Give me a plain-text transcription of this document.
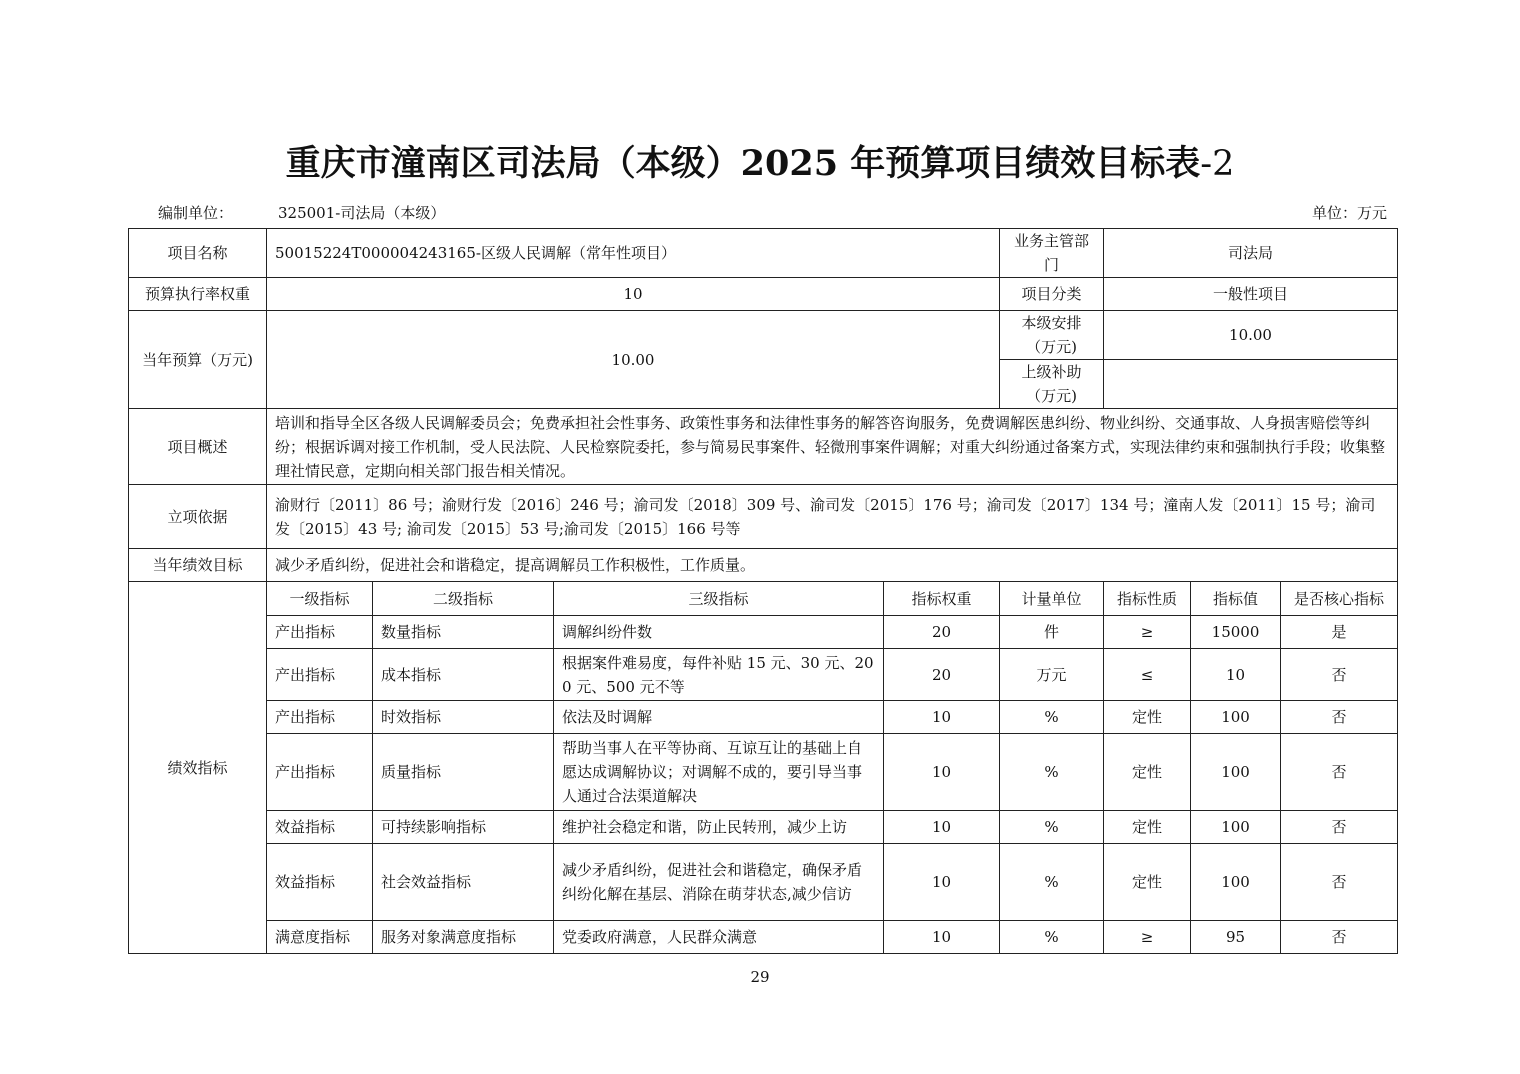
重庆市潼南区司法局（本级）2025 年预算项目绩效目标表-2
编制单位：	325001-司法局（本级）	单位：万元
项目名称	50015224T000004243165-区级人民调解（常年性项目）				业务主管部门	司法局		
预算执行率权重	10				项目分类	一般性项目		
当年预算（万元)	10.00				本级安排（万元)	10.00		
					上级补助（万元)			
项目概述	培训和指导全区各级人民调解委员会；免费承担社会性事务、政策性事务和法律性事务的解答咨询服务，免费调解医患纠纷、物业纠纷、交通事故、人身损害赔偿等纠纷；根据诉调对接工作机制，受人民法院、人民检察院委托，参与简易民事案件、轻微刑事案件调解；对重大纠纷通过备案方式，实现法律约束和强制执行手段；收集整理社情民意，定期向相关部门报告相关情况。							
立项依据	渝财行〔2011〕86 号；渝财行发〔2016〕246 号；渝司发〔2018〕309 号、渝司发〔2015〕176 号；渝司发〔2017〕134 号；潼南人发〔2011〕15 号；渝司发〔2015〕43 号; 渝司发〔2015〕53 号;渝司发〔2015〕166 号等							
当年绩效目标	减少矛盾纠纷，促进社会和谐稳定，提高调解员工作积极性，工作质量。							
绩效指标	一级指标	二级指标	三级指标	指标权重	计量单位	指标性质	指标值	是否核心指标
	产出指标	数量指标	调解纠纷件数	20	件	≥	15000	是
	产出指标	成本指标	根据案件难易度，每件补贴 15 元、30 元、200 元、500 元不等	20	万元	≤	10	否
	产出指标	时效指标	依法及时调解	10	%	定性	100	否
	产出指标	质量指标	帮助当事人在平等协商、互谅互让的基础上自愿达成调解协议；对调解不成的，要引导当事人通过合法渠道解决	10	%	定性	100	否
	效益指标	可持续影响指标	维护社会稳定和谐，防止民转刑，减少上访	10	%	定性	100	否
	效益指标	社会效益指标	减少矛盾纠纷，促进社会和谐稳定，确保矛盾纠纷化解在基层、消除在萌芽状态,减少信访	10	%	定性	100	否
	满意度指标	服务对象满意度指标	党委政府满意，人民群众满意	10	%	≥	95	否
29
